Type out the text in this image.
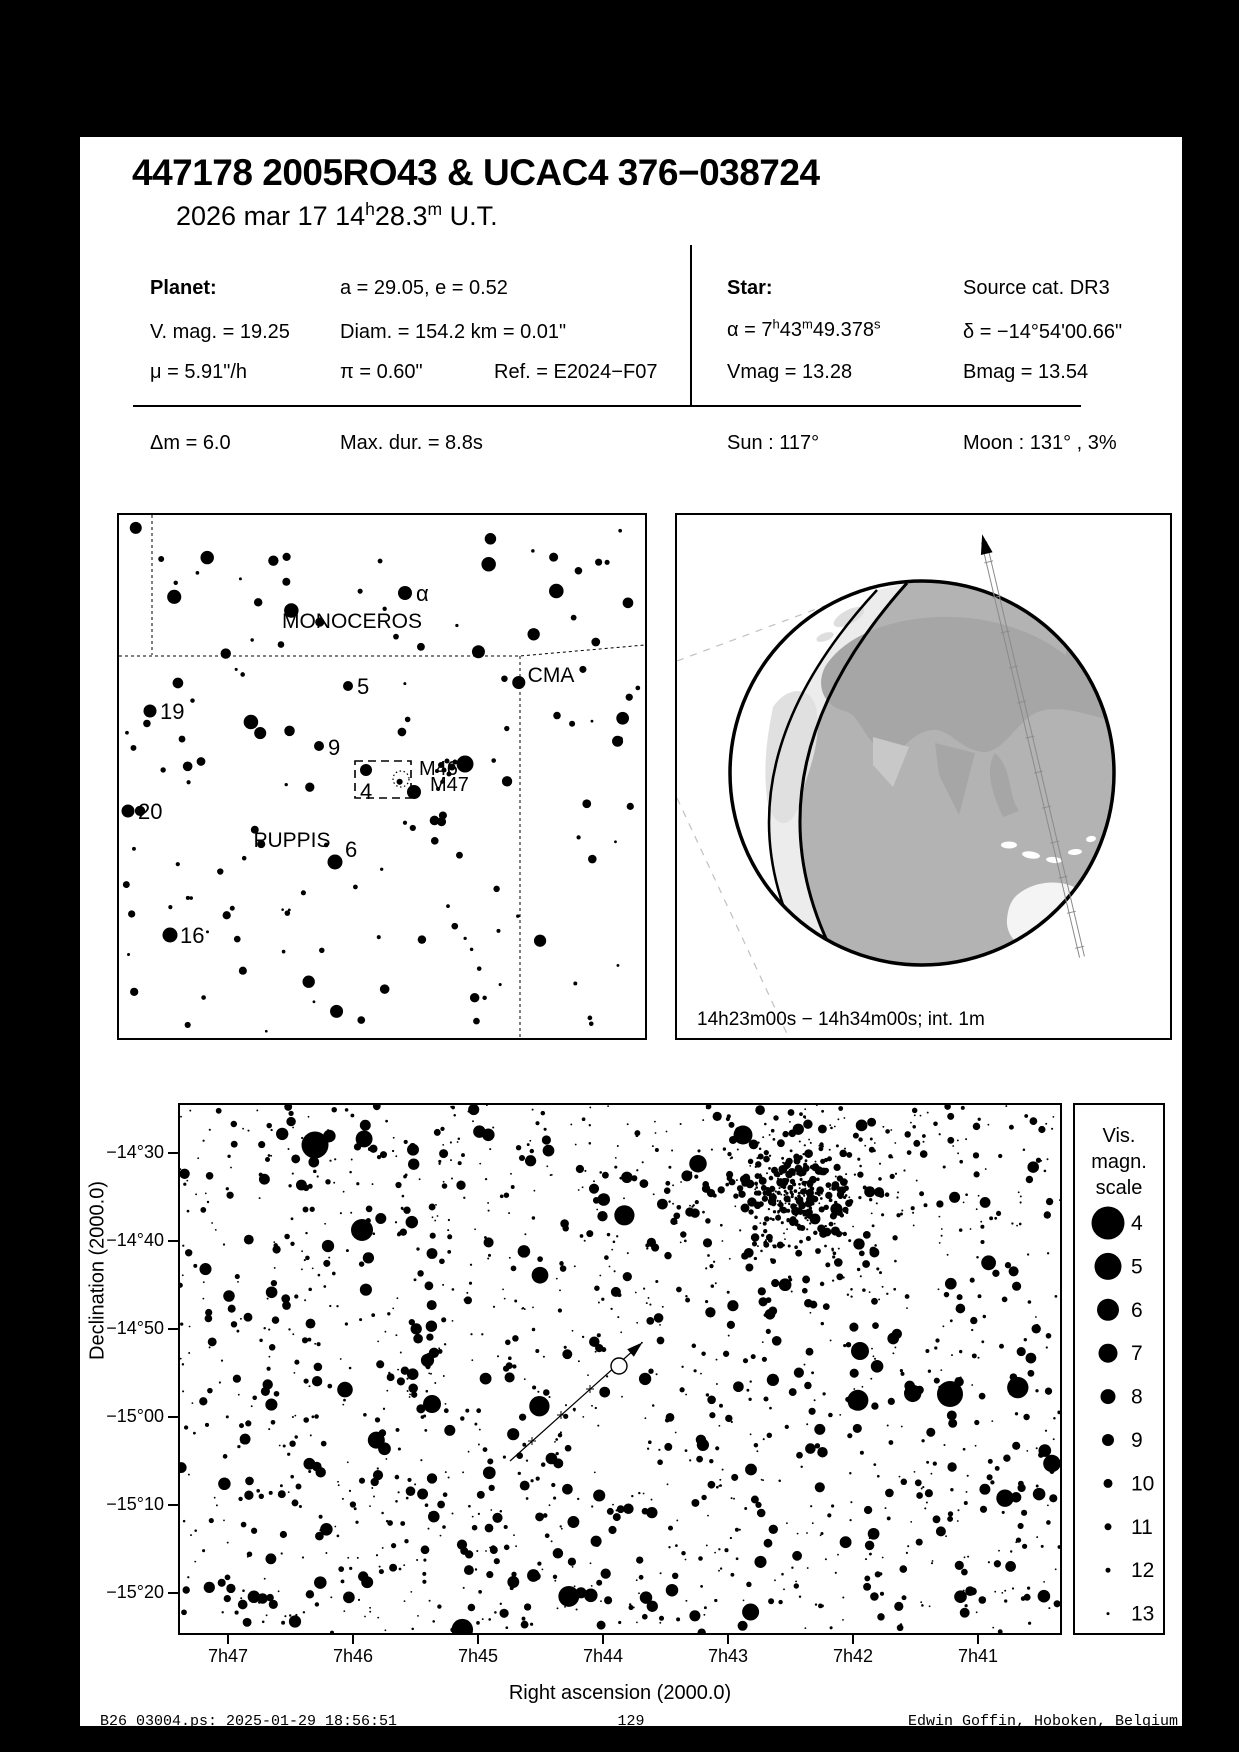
447178 2005RO43 & UCAC4 376−038724
2026 mar 17 14$^h$28.3$^m$ U.T.
Planet:	a = 29.05, e = 0.52
V. mag. = 19.25	Diam. = 154.2 km = 0.01"
μ = 5.91"/h	π = 0.60"	Ref. = E2024−F07
Star:	Source cat. DR3
$\alpha = 7^h43^m49.378^s$	δ = −14°54'00.66"
Vmag = 13.28	Bmag = 13.54
Δm = 6.0	Max. dur. = 8.8s	Sun : 117°	Moon : 131° , 3%
α
5
19
9
4
20
6
16
M46
M47
MONOCEROS
CMA
PUPPIS
14h23m00s − 14h34m00s; int. 1m
−14°30
−14°40
−14°50
−15°00
−15°10
−15°20
7h47	7h46	7h45	7h44	7h43	7h42	7h41
Right ascension (2000.0)
Declination (2000.0)
Vis.
magn.
scale
4
5
6
7
8
9
10
11
12
13
B26_03004.ps: 2025-01-29 18:56:51	129	Edwin Goffin, Hoboken, Belgium
